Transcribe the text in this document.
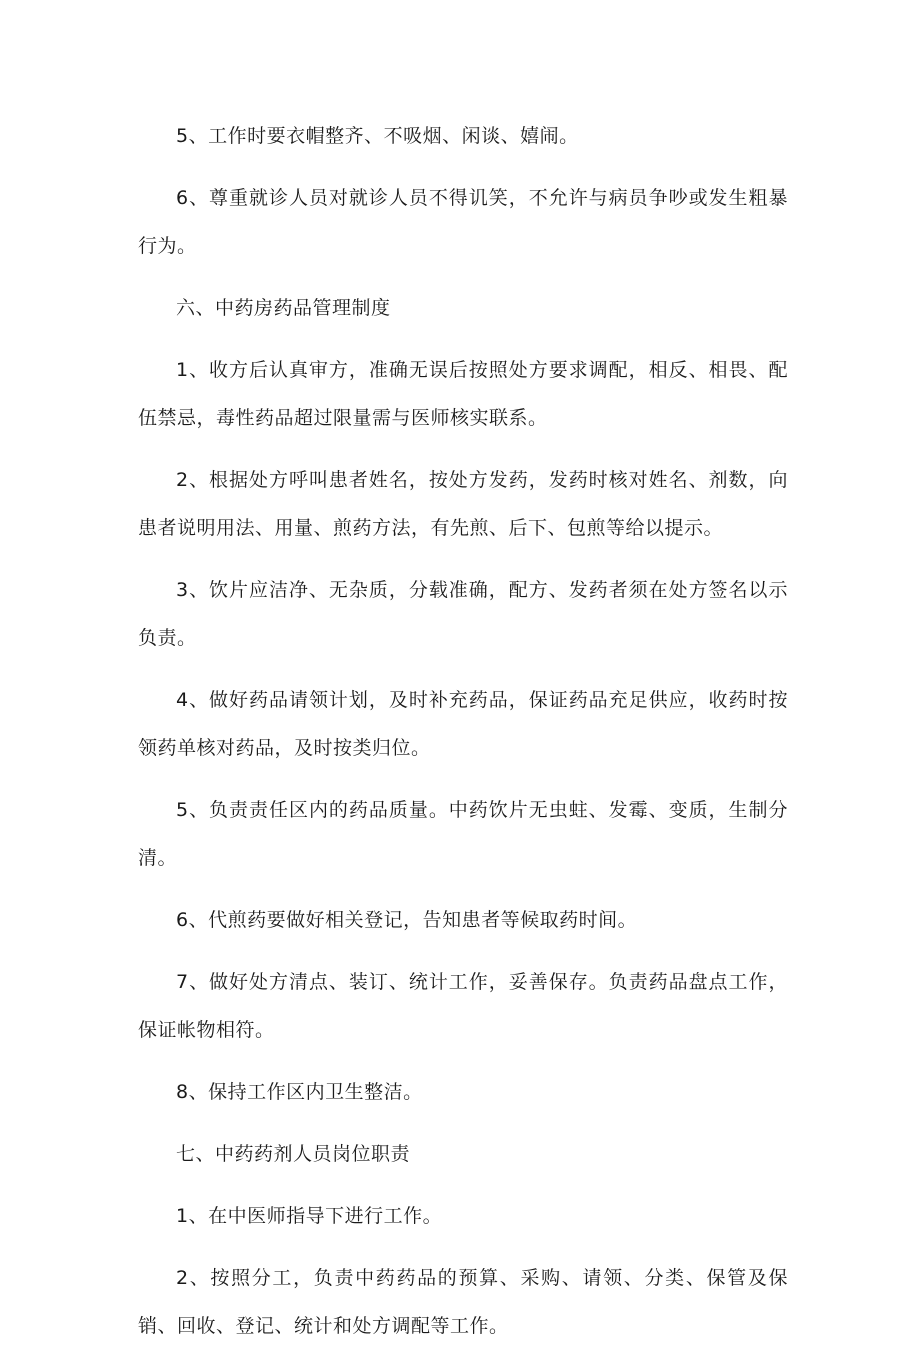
5、工作时要衣帽整齐、不吸烟、闲谈、嬉闹。

6、尊重就诊人员对就诊人员不得讥笑，不允许与病员争吵或发生粗暴行为。

六、中药房药品管理制度

1、收方后认真审方，准确无误后按照处方要求调配，相反、相畏、配伍禁忌，毒性药品超过限量需与医师核实联系。

2、根据处方呼叫患者姓名，按处方发药，发药时核对姓名、剂数，向患者说明用法、用量、煎药方法，有先煎、后下、包煎等给以提示。

3、饮片应洁净、无杂质，分载准确，配方、发药者须在处方签名以示负责。

4、做好药品请领计划，及时补充药品，保证药品充足供应，收药时按领药单核对药品，及时按类归位。

5、负责责任区内的药品质量。中药饮片无虫蛀、发霉、变质，生制分清。

6、代煎药要做好相关登记，告知患者等候取药时间。

7、做好处方清点、装订、统计工作，妥善保存。负责药品盘点工作，保证帐物相符。

8、保持工作区内卫生整洁。

七、中药药剂人员岗位职责

1、在中医师指导下进行工作。

2、按照分工，负责中药药品的预算、采购、请领、分类、保管及保销、回收、登记、统计和处方调配等工作。
